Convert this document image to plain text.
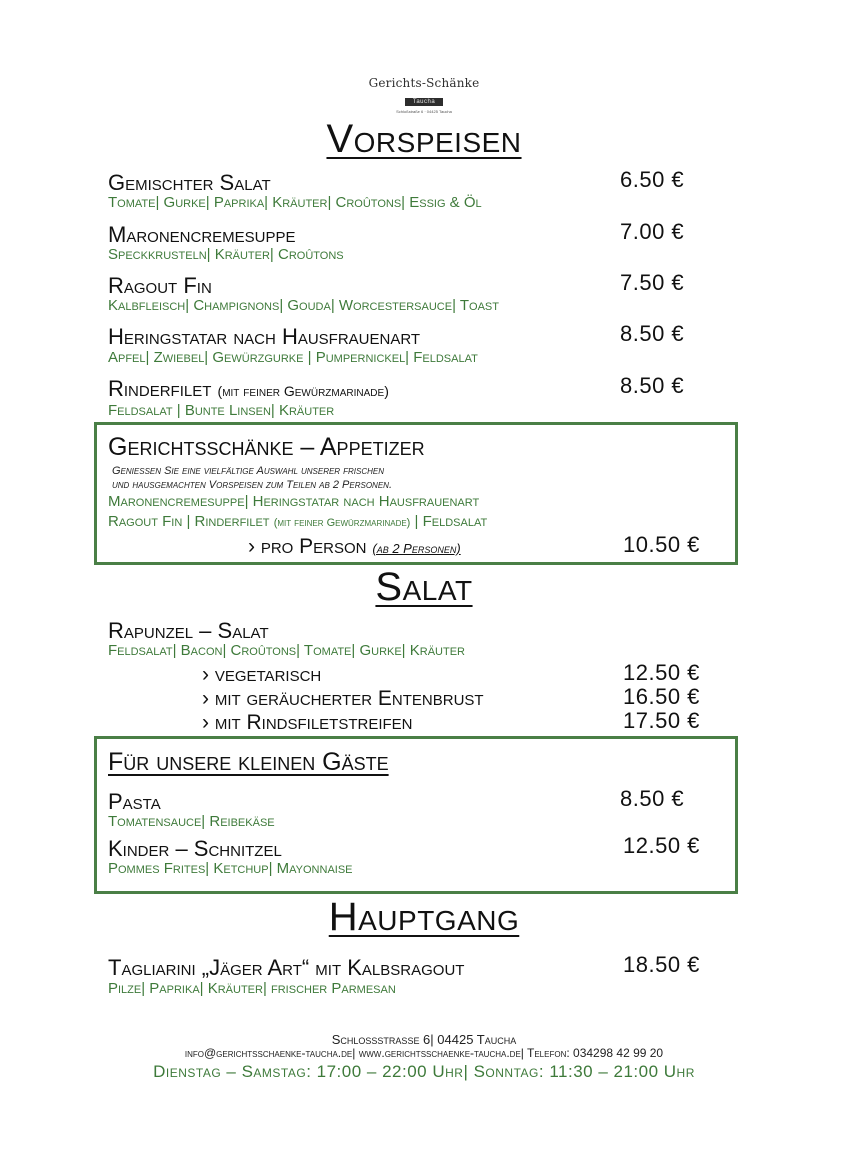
Gerichts-Schänke
Taucha
Schloßstraße 6 · 04425 Taucha
Vorspeisen
Gemischter Salat	6.50 €
Tomate| Gurke| Paprika| Kräuter| Croûtons| Essig & Öl
Maronencremesuppe	7.00 €
Speckkrusteln| Kräuter| Croûtons
Ragout Fin	7.50 €
Kalbfleisch| Champignons| Gouda| Worcestersauce| Toast
Heringstatar nach Hausfrauenart	8.50 €
Apfel| Zwiebel| Gewürzgurke | Pumpernickel| Feldsalat
Rinderfilet (mit feiner Gewürzmarinade)	8.50 €
Feldsalat | Bunte Linsen| Kräuter
Gerichtsschänke – Appetizer
Geniessen Sie eine vielfältige Auswahl unserer frischen
und hausgemachten Vorspeisen zum Teilen ab 2 Personen.
Maronencremesuppe| Heringstatar nach Hausfrauenart
Ragout Fin | Rinderfilet (mit feiner Gewürzmarinade) | Feldsalat
› pro Person (ab 2 Personen)	10.50 €
Salat
Rapunzel – Salat
Feldsalat| Bacon| Croûtons| Tomate| Gurke| Kräuter
› vegetarisch	12.50 €
› mit geräucherter Entenbrust	16.50 €
› mit Rindsfiletstreifen	17.50 €
Für unsere kleinen Gäste
Pasta	8.50 €
Tomatensauce| Reibekäse
Kinder – Schnitzel	12.50 €
Pommes Frites| Ketchup| Mayonnaise
Hauptgang
Tagliarini „Jäger Art“ mit Kalbsragout	18.50 €
Pilze| Paprika| Kräuter| frischer Parmesan
Schlossstrasse 6| 04425 Taucha
info@gerichtsschaenke-taucha.de| www.gerichtsschaenke-taucha.de| Telefon: 034298 42 99 20
Dienstag – Samstag: 17:00 – 22:00 Uhr| Sonntag: 11:30 – 21:00 Uhr
